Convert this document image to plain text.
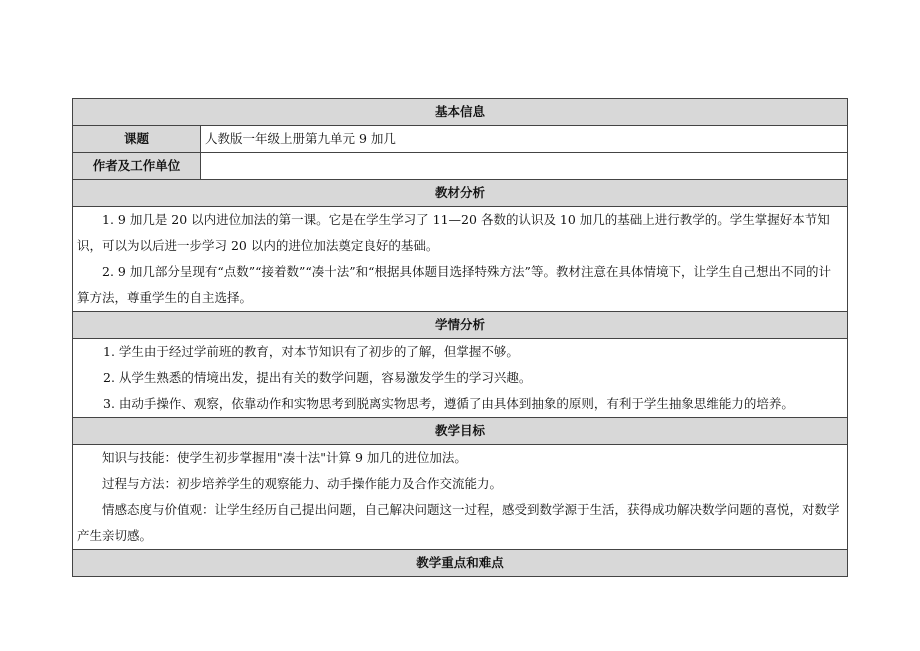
基本信息	
课题	人教版一年级上册第九单元 9 加几
作者及工作单位	
教材分析	

1. 9 加几是 20 以内进位加法的第一课。它是在学生学习了 11—20 各数的认识及 10 加几的基础上进行教学的。学生掌握好本节知识，可以为以后进一步学习 20 以内的进位加法奠定良好的基础。

2. 9 加几部分呈现有“点数”“接着数”“凑十法”和“根据具体题目选择特殊方法”等。教材注意在具体情境下，让学生自己想出不同的计算方法，尊重学生的自主选择。	

学情分析	

1. 学生由于经过学前班的教育，对本节知识有了初步的了解，但掌握不够。

2. 从学生熟悉的情境出发，提出有关的数学问题，容易激发学生的学习兴趣。

3. 由动手操作、观察，依靠动作和实物思考到脱离实物思考，遵循了由具体到抽象的原则，有利于学生抽象思维能力的培养。	

教学目标	

知识与技能：使学生初步掌握用"凑十法"计算 9 加几的进位加法。

过程与方法：初步培养学生的观察能力、动手操作能力及合作交流能力。

情感态度与价值观：让学生经历自己提出问题，自己解决问题这一过程，感受到数学源于生活，获得成功解决数学问题的喜悦，对数学产生亲切感。	

教学重点和难点	
